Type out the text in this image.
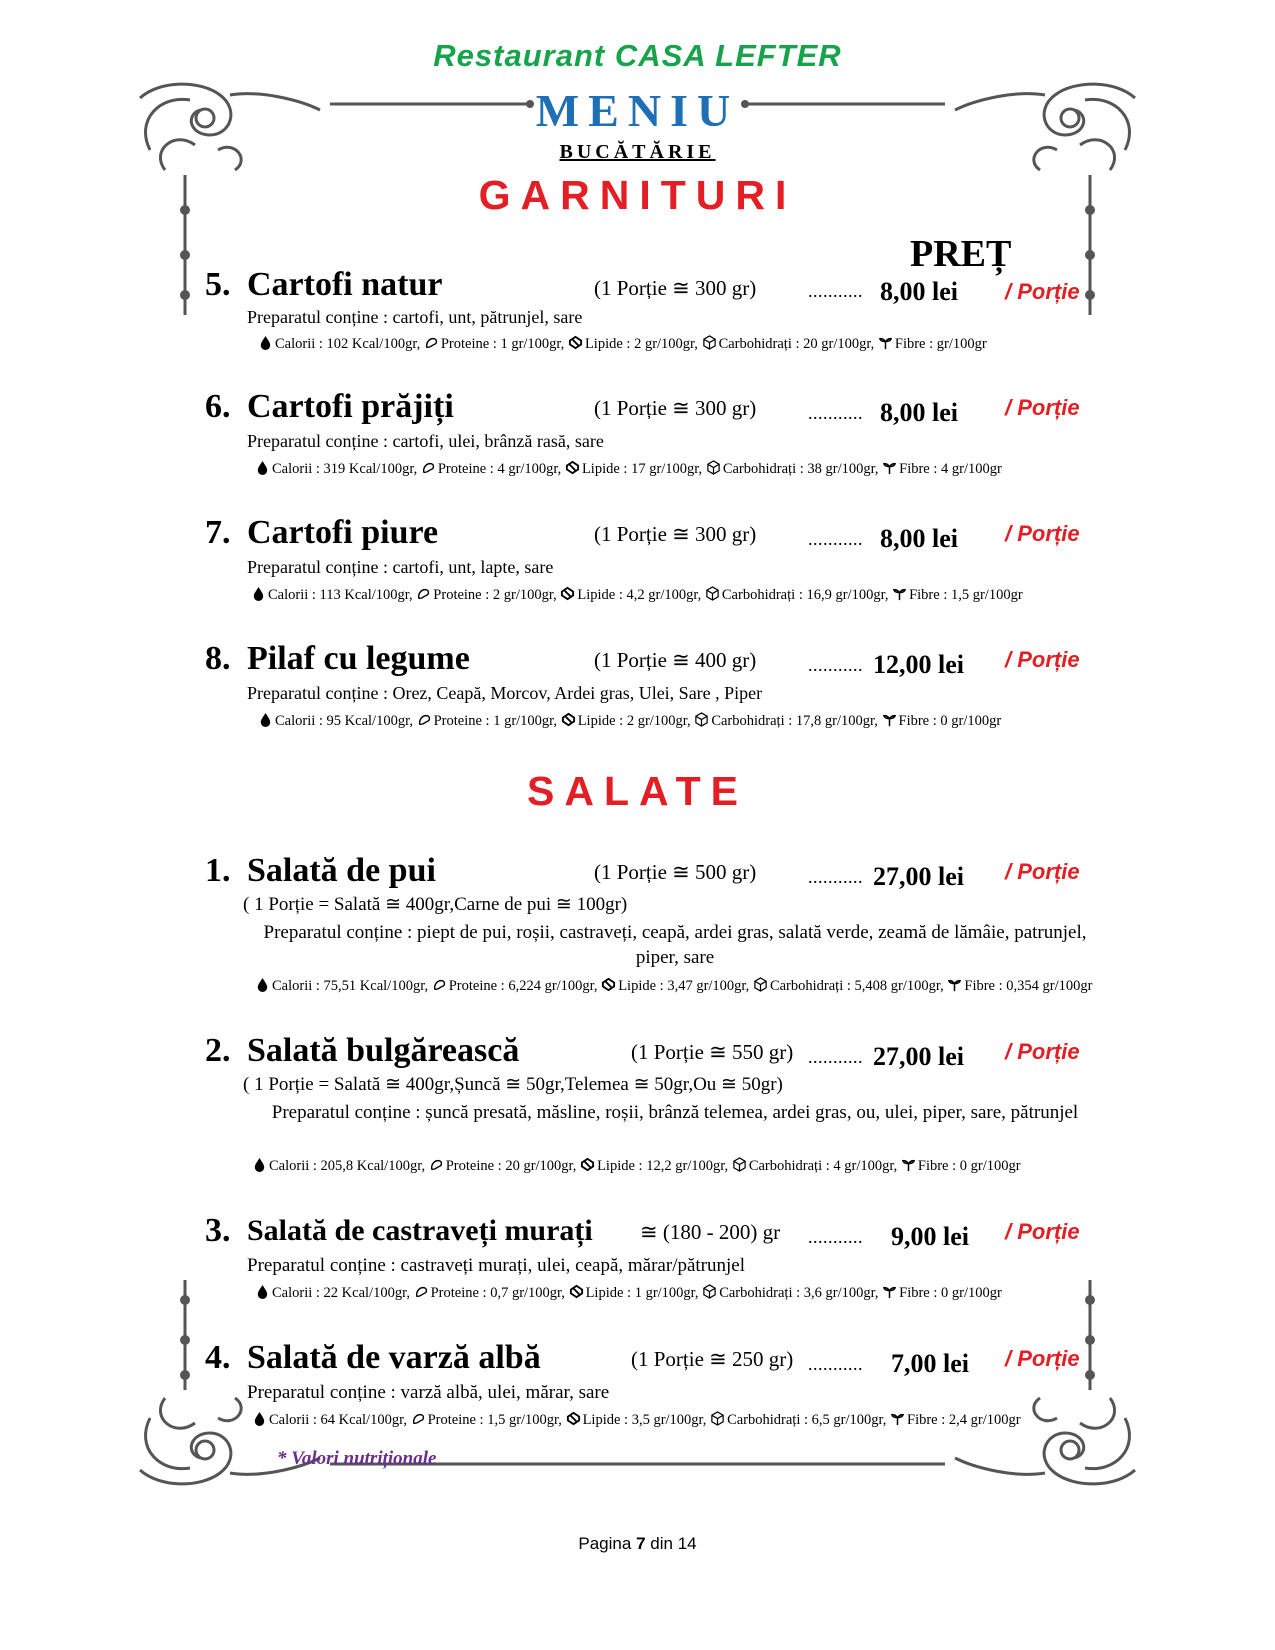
Restaurant CASA LEFTER
MENIU
BUCĂTĂRIE
GARNITURI
PREȚ
5. Cartofi natur	(1 Porție ≅ 300 gr)	........... 8,00 lei / Porție
Preparatul conține : cartofi, unt, pătrunjel, sare
Calorii : 102 Kcal/100gr, Proteine : 1 gr/100gr, Lipide : 2 gr/100gr, Carbohidrați : 20 gr/100gr, Fibre : gr/100gr
6. Cartofi prăjiți	(1 Porție ≅ 300 gr)	........... 8,00 lei / Porție
Preparatul conține : cartofi, ulei, brânză rasă, sare
Calorii : 319 Kcal/100gr, Proteine : 4 gr/100gr, Lipide : 17 gr/100gr, Carbohidrați : 38 gr/100gr, Fibre : 4 gr/100gr
7. Cartofi piure	(1 Porție ≅ 300 gr)	........... 8,00 lei / Porție
Preparatul conține : cartofi, unt, lapte, sare
Calorii : 113 Kcal/100gr, Proteine : 2 gr/100gr, Lipide : 4,2 gr/100gr, Carbohidrați : 16,9 gr/100gr, Fibre : 1,5 gr/100gr
8. Pilaf cu legume	(1 Porție ≅ 400 gr)	........... 12,00 lei / Porție
Preparatul conține : Orez, Ceapă, Morcov, Ardei gras, Ulei, Sare , Piper
Calorii : 95 Kcal/100gr, Proteine : 1 gr/100gr, Lipide : 2 gr/100gr, Carbohidrați : 17,8 gr/100gr, Fibre : 0 gr/100gr
SALATE
1. Salată de pui	(1 Porție ≅ 500 gr)	........... 27,00 lei / Porție
( 1 Porție = Salată ≅ 400gr,Carne de pui ≅ 100gr)
Preparatul conține : piept de pui, roșii, castraveți, ceapă, ardei gras, salată verde, zeamă de lămâie, patrunjel, piper, sare
Calorii : 75,51 Kcal/100gr, Proteine : 6,224 gr/100gr, Lipide : 3,47 gr/100gr, Carbohidrați : 5,408 gr/100gr, Fibre : 0,354 gr/100gr
2. Salată bulgărească	(1 Porție ≅ 550 gr) ........... 27,00 lei / Porție
( 1 Porție = Salată ≅ 400gr,Șuncă ≅ 50gr,Telemea ≅ 50gr,Ou ≅ 50gr)
Preparatul conține : șuncă presată, măsline, roșii, brânză telemea, ardei gras, ou, ulei, piper, sare, pătrunjel
Calorii : 205,8 Kcal/100gr, Proteine : 20 gr/100gr, Lipide : 12,2 gr/100gr, Carbohidrați : 4 gr/100gr, Fibre : 0 gr/100gr
3. Salată de castraveți murați ≅ (180 - 200) gr ........... 9,00 lei / Porție
Preparatul conține : castraveți murați, ulei, ceapă, mărar/pătrunjel
Calorii : 22 Kcal/100gr, Proteine : 0,7 gr/100gr, Lipide : 1 gr/100gr, Carbohidrați : 3,6 gr/100gr, Fibre : 0 gr/100gr
4. Salată de varză albă	(1 Porție ≅ 250 gr) ........... 7,00 lei / Porție
Preparatul conține : varză albă, ulei, mărar, sare
Calorii : 64 Kcal/100gr, Proteine : 1,5 gr/100gr, Lipide : 3,5 gr/100gr, Carbohidrați : 6,5 gr/100gr, Fibre : 2,4 gr/100gr
* Valori nutriționale
Pagina 7 din 14
